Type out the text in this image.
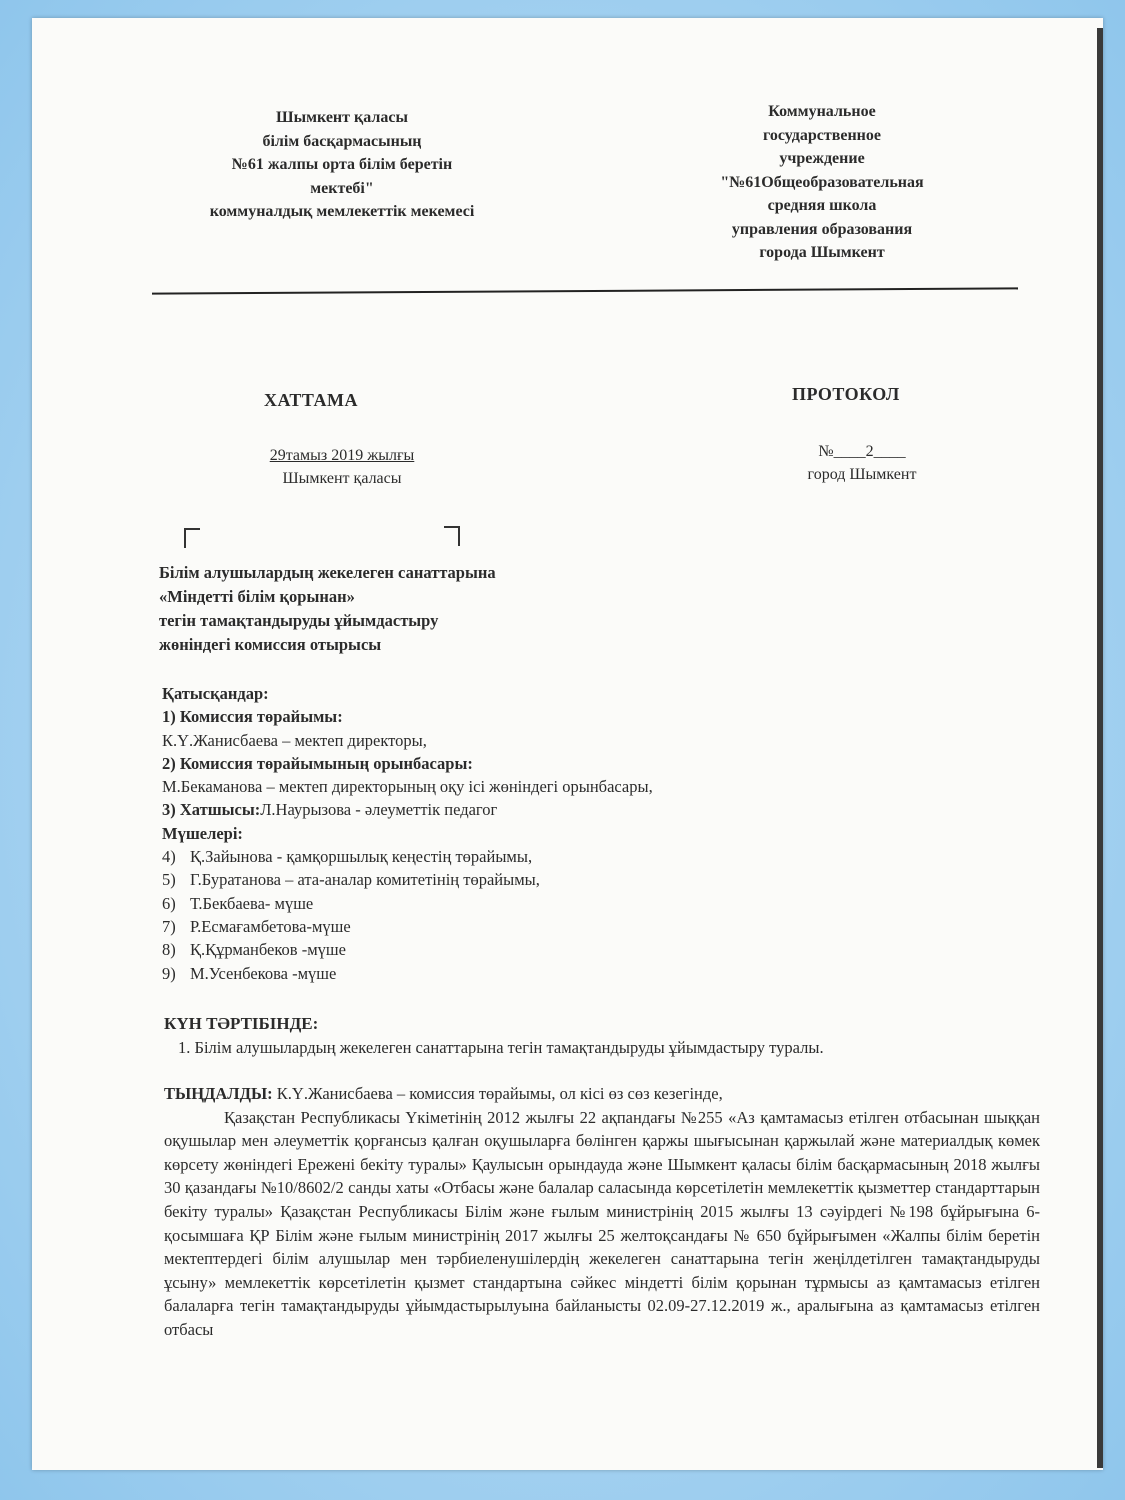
Шымкент қаласы
білім басқармасының
№61 жалпы орта білім беретін
мектебі"
коммуналдық мемлекеттік мекемесі
Коммунальное
государственное
учреждение
"№61Общеобразовательная
средняя школа
управления образования
города Шымкент
ХАТТАМА	ПРОТОКОЛ
29тамыз 2019 жылғы
Шымкент қаласы
№____2____
город Шымкент
Білім алушылардың жекелеген санаттарына
«Міндетті білім қорынан»
тегін тамақтандыруды ұйымдастыру
жөніндегі комиссия отырысы
Қатысқандар:
1) Комиссия төрайымы:
К.Ү.Жанисбаева – мектеп директоры,
2) Комиссия төрайымының орынбасары:
М.Бекаманова – мектеп директорының оқу ісі жөніндегі орынбасары,
3) Хатшысы:Л.Наурызова - әлеуметтік педагог
Мүшелері:
4) Қ.Зайынова - қамқоршылық кеңестің төрайымы,
5) Г.Буратанова – ата-аналар комитетінің төрайымы,
6) Т.Бекбаева- мүше
7) Р.Есмағамбетова-мүше
8) Қ.Құрманбеков -мүше
9) М.Усенбекова -мүше
КҮН ТӘРТІБІНДЕ:
1. Білім алушылардың жекелеген санаттарына тегін тамақтандыруды ұйымдастыру туралы.
ТЫҢДАЛДЫ: К.Ү.Жанисбаева – комиссия төрайымы, ол кісі өз сөз кезегінде,
Қазақстан Республикасы Үкіметінің 2012 жылғы 22 ақпандағы №255 «Аз қамтамасыз етілген отбасынан шыққан оқушылар мен әлеуметтік қорғансыз қалған оқушыларға бөлінген қаржы шығысынан қаржылай және материалдық көмек көрсету жөніндегі Ережені бекіту туралы» Қаулысын орындауда және Шымкент қаласы білім басқармасының 2018 жылғы 30 қазандағы №10/8602/2 санды хаты «Отбасы және балалар саласында көрсетілетін мемлекеттік қызметтер стандарттарын бекіту туралы» Қазақстан Республикасы Білім және ғылым министрінің 2015 жылғы 13 сәуірдегі №198 бұйрығына 6-қосымшаға ҚР Білім және ғылым министрінің 2017 жылғы 25 желтоқсандағы № 650 бұйрығымен «Жалпы білім беретін мектептердегі білім алушылар мен тәрбиеленушілердің жекелеген санаттарына тегін жеңілдетілген тамақтандыруды ұсыну» мемлекеттік көрсетілетін қызмет стандартына сәйкес міндетті білім қорынан тұрмысы аз қамтамасыз етілген балаларға тегін тамақтандыруды ұйымдастырылуына байланысты 02.09-27.12.2019 ж., аралығына аз қамтамасыз етілген отбасы
